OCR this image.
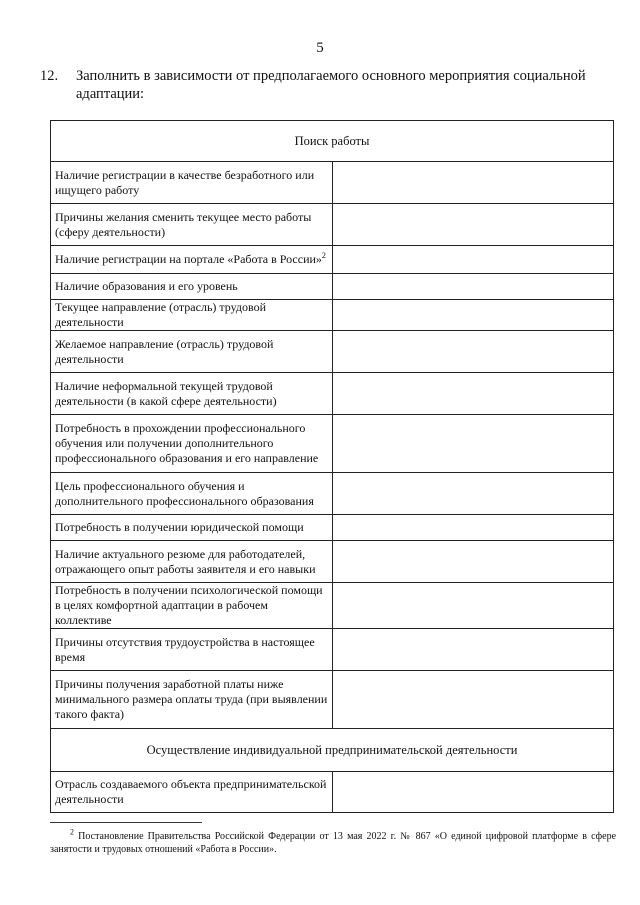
5
12. Заполнить в зависимости от предполагаемого основного мероприятия социальной
адаптации:
Поиск работы	
Наличие регистрации в качестве безработного или ищущего работу	
Причины желания сменить текущее место работы (сферу деятельности)	
Наличие регистрации на портале «Работа в России»$^2$	
Наличие образования и его уровень	
Текущее направление (отрасль) трудовой деятельности	
Желаемое направление (отрасль) трудовой деятельности	
Наличие неформальной текущей трудовой деятельности (в какой сфере деятельности)	
Потребность в прохождении профессионального обучения или получении дополнительного профессионального образования и его направление	
Цель профессионального обучения и дополнительного профессионального образования	
Потребность в получении юридической помощи	
Наличие актуального резюме для работодателей, отражающего опыт работы заявителя и его навыки	
Потребность в получении психологической помощи в целях комфортной адаптации в рабочем коллективе	
Причины отсутствия трудоустройства в настоящее время	
Причины получения заработной платы ниже минимального размера оплаты труда (при выявлении такого факта)	
Осуществление индивидуальной предпринимательской деятельности	
Отрасль создаваемого объекта предпринимательской деятельности	
$^2$ Постановление Правительства Российской Федерации от 13 мая 2022 г. № 867 «О единой цифровой платформе в сфере занятости и трудовых отношений «Работа в России».
